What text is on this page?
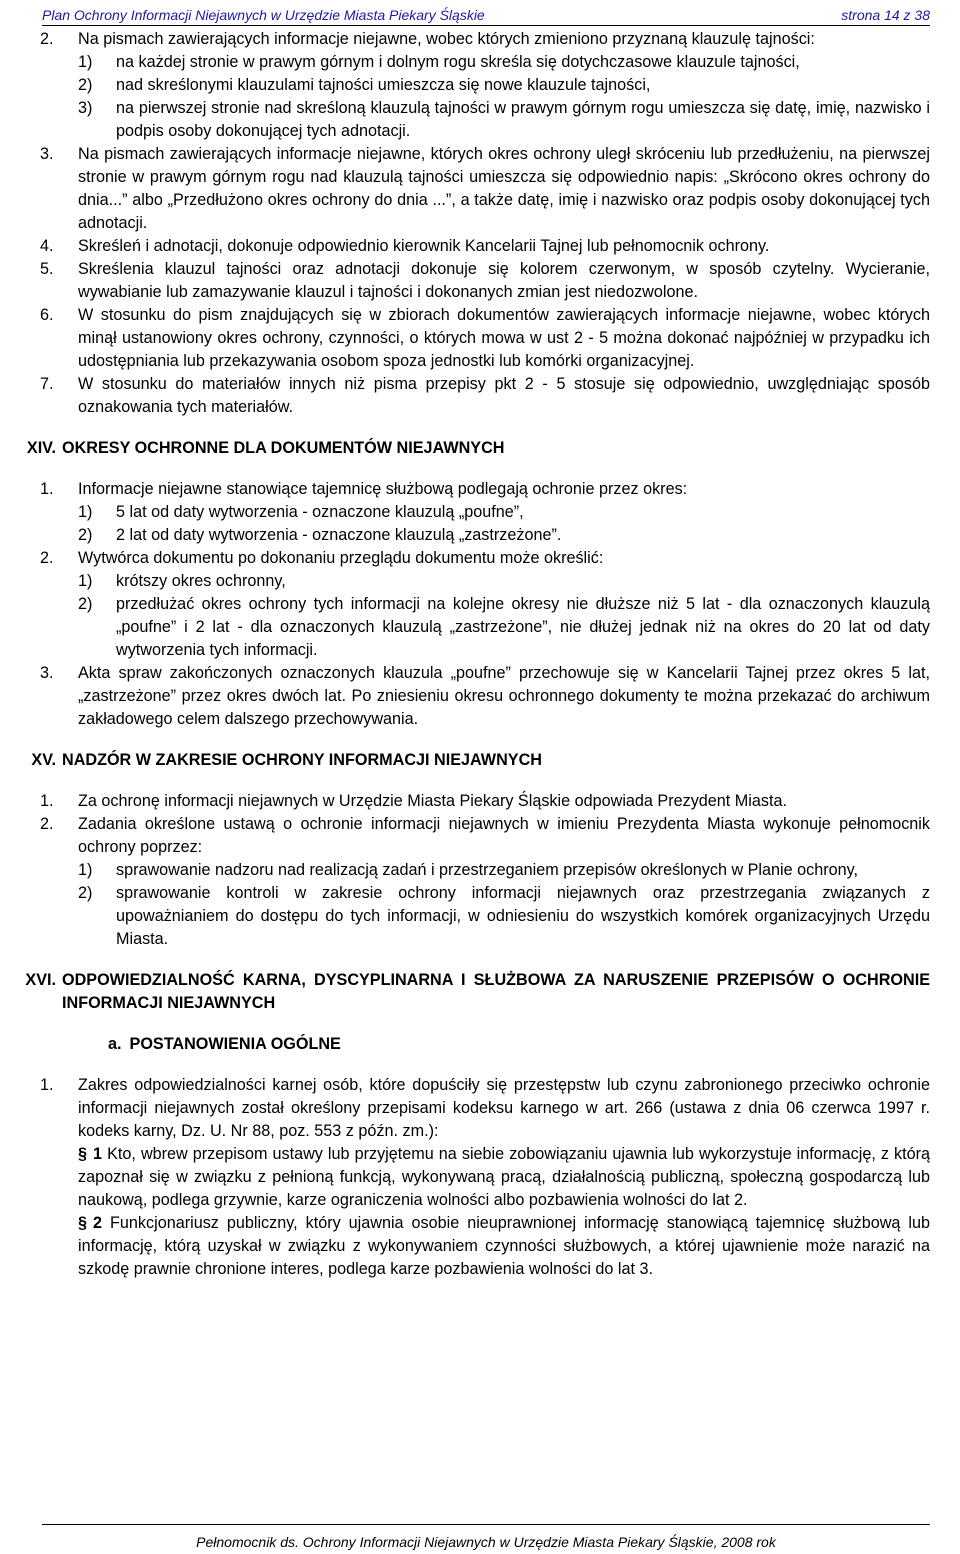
Plan Ochrony Informacji Niejawnych w Urzędzie Miasta Piekary Śląskie	strona 14 z 38
2. Na pismach zawierających informacje niejawne, wobec których zmieniono przyznaną klauzulę tajności:
1) na każdej stronie w prawym górnym i dolnym rogu skreśla się dotychczasowe klauzule tajności,
2) nad skreślonymi klauzulami tajności umieszcza się nowe klauzule tajności,
3) na pierwszej stronie nad skreśloną klauzulą tajności w prawym górnym rogu umieszcza się datę, imię, nazwisko i podpis osoby dokonującej tych adnotacji.
3. Na pismach zawierających informacje niejawne, których okres ochrony uległ skróceniu lub przedłużeniu, na pierwszej stronie w prawym górnym rogu nad klauzulą tajności umieszcza się odpowiednio napis: „Skrócono okres ochrony do dnia...” albo „Przedłużono okres ochrony do dnia ...”, a także datę, imię i nazwisko oraz podpis osoby dokonującej tych adnotacji.
4. Skreśleń i adnotacji, dokonuje odpowiednio kierownik Kancelarii Tajnej lub pełnomocnik ochrony.
5. Skreślenia klauzul tajności oraz adnotacji dokonuje się kolorem czerwonym, w sposób czytelny. Wycieranie, wywabianie lub zamazywanie klauzul i tajności i dokonanych zmian jest niedozwolone.
6. W stosunku do pism znajdujących się w zbiorach dokumentów zawierających informacje niejawne, wobec których minął ustanowiony okres ochrony, czynności, o których mowa w ust 2 - 5 można dokonać najpóźniej w przypadku ich udostępniania lub przekazywania osobom spoza jednostki lub komórki organizacyjnej.
7. W stosunku do materiałów innych niż pisma przepisy pkt 2 - 5 stosuje się odpowiednio, uwzględniając sposób oznakowania tych materiałów.
XIV. OKRESY OCHRONNE DLA DOKUMENTÓW NIEJAWNYCH
1. Informacje niejawne stanowiące tajemnicę służbową podlegają ochronie przez okres:
1) 5 lat od daty wytworzenia - oznaczone klauzulą „poufne”,
2) 2 lat od daty wytworzenia - oznaczone klauzulą „zastrzeżone”.
2. Wytwórca dokumentu po dokonaniu przeglądu dokumentu może określić:
1) krótszy okres ochronny,
2) przedłużać okres ochrony tych informacji na kolejne okresy nie dłuższe niż 5 lat - dla oznaczonych klauzulą „poufne” i 2 lat - dla oznaczonych klauzulą „zastrzeżone”, nie dłużej jednak niż na okres do 20 lat od daty wytworzenia tych informacji.
3. Akta spraw zakończonych oznaczonych klauzula „poufne” przechowuje się w Kancelarii Tajnej przez okres 5 lat, „zastrzeżone” przez okres dwóch lat. Po zniesieniu okresu ochronnego dokumenty te można przekazać do archiwum zakładowego celem dalszego przechowywania.
XV. NADZÓR W ZAKRESIE OCHRONY INFORMACJI NIEJAWNYCH
1. Za ochronę informacji niejawnych w Urzędzie Miasta Piekary Śląskie odpowiada Prezydent Miasta.
2. Zadania określone ustawą o ochronie informacji niejawnych w imieniu Prezydenta Miasta wykonuje pełnomocnik ochrony poprzez:
1) sprawowanie nadzoru nad realizacją zadań i przestrzeganiem przepisów określonych w Planie ochrony,
2) sprawowanie kontroli w zakresie ochrony informacji niejawnych oraz przestrzegania związanych z upoważnianiem do dostępu do tych informacji, w odniesieniu do wszystkich komórek organizacyjnych Urzędu Miasta.
XVI. ODPOWIEDZIALNOŚĆ KARNA, DYSCYPLINARNA I SŁUŻBOWA ZA NARUSZENIE PRZEPISÓW O OCHRONIE INFORMACJI NIEJAWNYCH
a. POSTANOWIENIA OGÓLNE
1. Zakres odpowiedzialności karnej osób, które dopuściły się przestępstw lub czynu zabronionego przeciwko ochronie informacji niejawnych został określony przepisami kodeksu karnego w art. 266 (ustawa z dnia 06 czerwca 1997 r. kodeks karny, Dz. U. Nr 88, poz. 553 z późn. zm.):
§ 1 Kto, wbrew przepisom ustawy lub przyjętemu na siebie zobowiązaniu ujawnia lub wykorzystuje informację, z którą zapoznał się w związku z pełnioną funkcją, wykonywaną pracą, działalnością publiczną, społeczną gospodarczą lub naukową, podlega grzywnie, karze ograniczenia wolności albo pozbawienia wolności do lat 2.
§ 2 Funkcjonariusz publiczny, który ujawnia osobie nieuprawnionej informację stanowiącą tajemnicę służbową lub informację, którą uzyskał w związku z wykonywaniem czynności służbowych, a której ujawnienie może narazić na szkodę prawnie chronione interes, podlega karze pozbawienia wolności do lat 3.
Pełnomocnik ds. Ochrony Informacji Niejawnych w Urzędzie Miasta Piekary Śląskie, 2008 rok
